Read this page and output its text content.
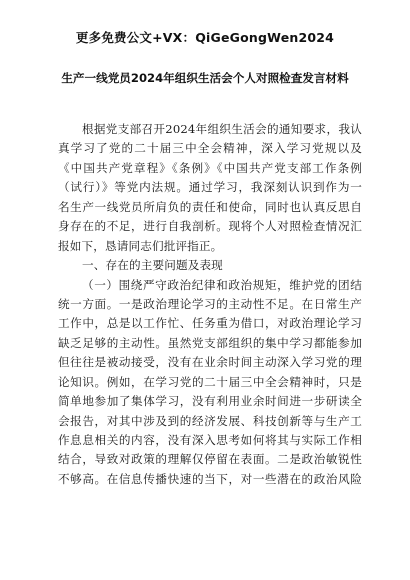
更多免费公文+VX：QiGeGongWen2024
生产一线党员2024年组织生活会个人对照检查发言材料
根据党支部召开2024年组织生活会的通知要求，我认
真学习了党的二十届三中全会精神，深入学习党规以及
《中国共产党章程》《条例》《中国共产党支部工作条例
（试行）》等党内法规。通过学习，我深刻认识到作为一
名生产一线党员所肩负的责任和使命，同时也认真反思自
身存在的不足，进行自我剖析。现将个人对照检查情况汇
报如下，恳请同志们批评指正。
一、存在的主要问题及表现
（一）围绕严守政治纪律和政治规矩，维护党的团结
统一方面。一是政治理论学习的主动性不足。在日常生产
工作中，总是以工作忙、任务重为借口，对政治理论学习
缺乏足够的主动性。虽然党支部组织的集中学习都能参加
但往往是被动接受，没有在业余时间主动深入学习党的理
论知识。例如，在学习党的二十届三中全会精神时，只是
简单地参加了集体学习，没有利用业余时间进一步研读全
会报告，对其中涉及到的经济发展、科技创新等与生产工
作息息相关的内容，没有深入思考如何将其与实际工作相
结合，导致对政策的理解仅停留在表面。二是政治敏锐性
不够高。在信息传播快速的当下，对一些潜在的政治风险
